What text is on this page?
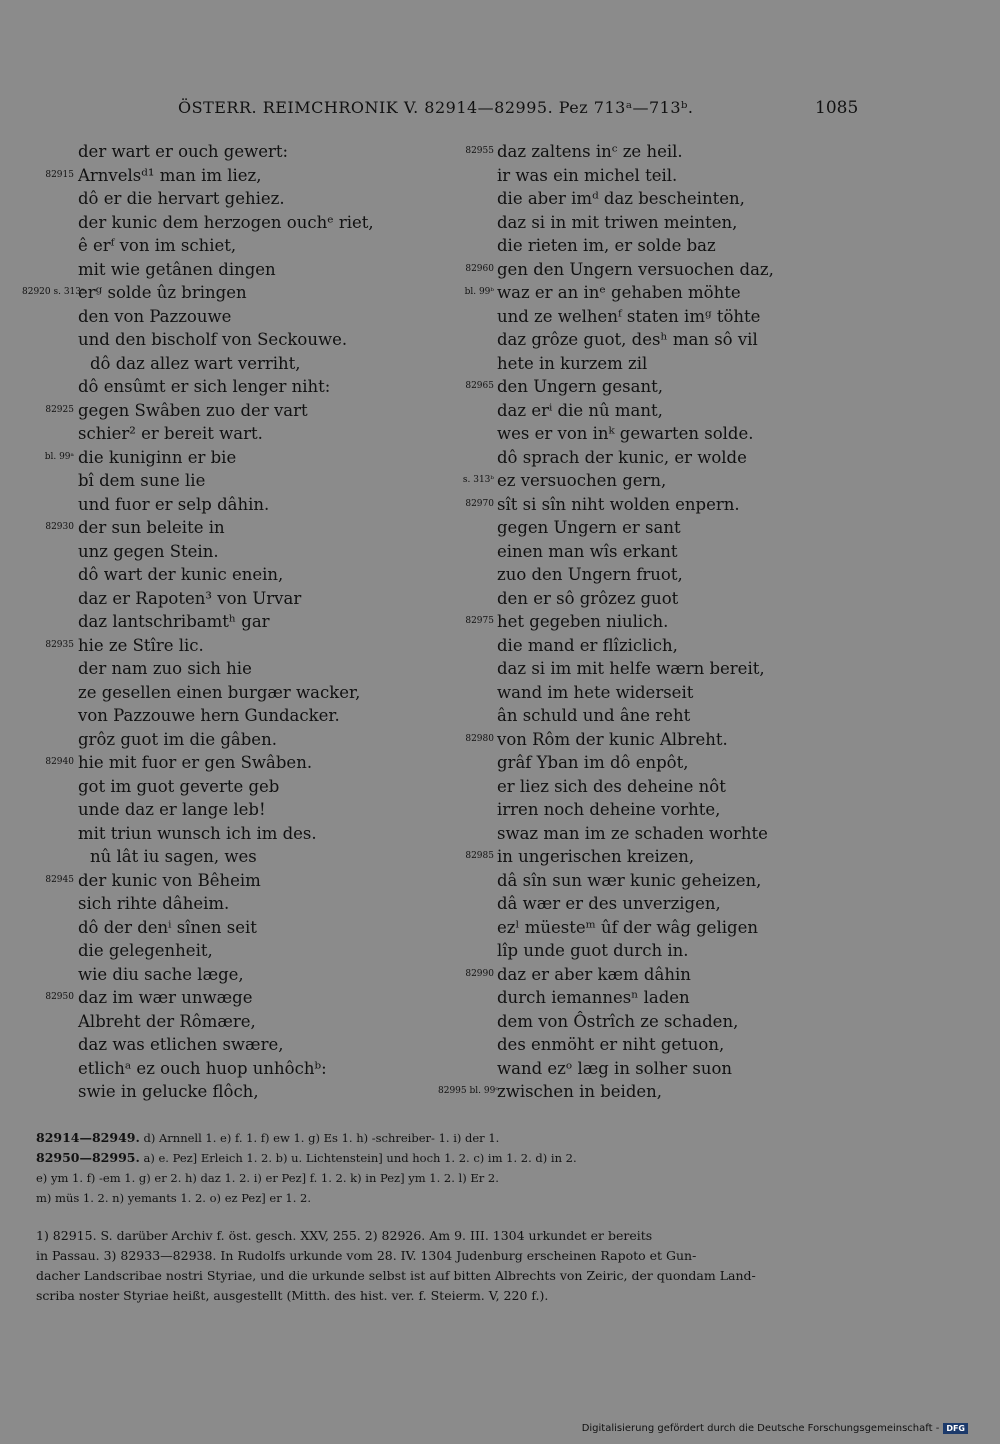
ÖSTERR. REIMCHRONIK V. 82914—82995. Pez 713ᵃ—713ᵇ.	1085
der wart er ouch gewert:
82915 Arnvelsᵈ¹ man im liez,
dô er die hervart gehiez.
der kunic dem herzogen ouchᵉ riet,
ê erᶠ von im schiet,
mit wie getânen dingen
82920 s. 313ᵃ
erᵍ solde ûz bringen
den von Pazzouwe
und den bischolf von Seckouwe.
dô daz allez wart verriht,
dô ensûmt er sich lenger niht:
82925 gegen Swâben zuo der vart
schier² er bereit wart.
bl. 99ᵃ die kuniginn er bie
bî dem sune lie
und fuor er selp dâhin.
82930 der sun beleite in
unz gegen Stein.
dô wart der kunic enein,
daz er Rapoten³ von Urvar
daz lantschribamtʰ gar
82935 hie ze Stîre lic.
der nam zuo sich hie
ze gesellen einen burgær wacker,
von Pazzouwe hern Gundacker.
grôz guot im die gâben.
82940 hie mit fuor er gen Swâben.
got im guot geverte geb
unde daz er lange leb!
mit triun wunsch ich im des.
nû lât iu sagen, wes
82945 der kunic von Bêheim
sich rihte dâheim.
dô der denⁱ sînen seit
die gelegenheit,
wie diu sache læge,
82950 daz im wær unwæge
Albreht der Rômære,
daz was etlichen swære,
etlichᵃ ez ouch huop unhôchᵇ:
swie in gelucke flôch,
82955 daz zaltens inᶜ ze heil.
ir was ein michel teil.
die aber imᵈ daz bescheinten,
daz si in mit triwen meinten,
die rieten im, er solde baz
82960 gen den Ungern versuochen daz,
bl. 99ᵇ waz er an inᵉ gehaben möhte
und ze welhenᶠ staten imᵍ töhte
daz grôze guot, desʰ man sô vil
hete in kurzem zil
82965 den Ungern gesant,
daz erⁱ die nû mant,
wes er von inᵏ gewarten solde.
dô sprach der kunic, er wolde
s. 313ᵇ ez versuochen gern,
82970 sît si sîn niht wolden enpern.
gegen Ungern er sant
einen man wîs erkant
zuo den Ungern fruot,
den er sô grôzez guot
82975 het gegeben niulich.
die mand er flîziclich,
daz si im mit helfe wærn bereit,
wand im hete widerseit
ân schuld und âne reht
82980 von Rôm der kunic Albreht.
grâf Yban im dô enpôt,
er liez sich des deheine nôt
irren noch deheine vorhte,
swaz man im ze schaden worhte
82985 in ungerischen kreizen,
dâ sîn sun wær kunic geheizen,
dâ wær er des unverzigen,
ezˡ müesteᵐ ûf der wâg geligen
lîp unde guot durch in.
82990 daz er aber kæm dâhin
durch iemannesⁿ laden
dem von Ôstrîch ze schaden,
des enmöht er niht getuon,
wand ezᵒ læg in solher suon
82995 bl. 99ᶜ
zwischen in beiden,
82914—82949. d) Arnnell 1. e) f. 1. f) ew 1. g) Es 1. h) -schreiber- 1. i) der 1.
82950—82995. a) e. Pez] Erleich 1. 2. b) u. Lichtenstein] und hoch 1. 2. c) im 1. 2. d) in 2.
e) ym 1. f) -em 1. g) er 2. h) daz 1. 2. i) er Pez] f. 1. 2. k) in Pez] ym 1. 2. l) Er 2.
m) müs 1. 2. n) yemants 1. 2. o) ez Pez] er 1. 2.
1) 82915. S. darüber Archiv f. öst. gesch. XXV, 255. 2) 82926. Am 9. III. 1304 urkundet er bereits
in Passau. 3) 82933—82938. In Rudolfs urkunde vom 28. IV. 1304 Judenburg erscheinen Rapoto et Gun-
dacher Landscribae nostri Styriae, und die urkunde selbst ist auf bitten Albrechts von Zeiric, der quondam Land-
scriba noster Styriae heißt, ausgestellt (Mitth. des hist. ver. f. Steierm. V, 220 f.).
Digitalisierung gefördert durch die Deutsche Forschungsgemeinschaft - DFG
